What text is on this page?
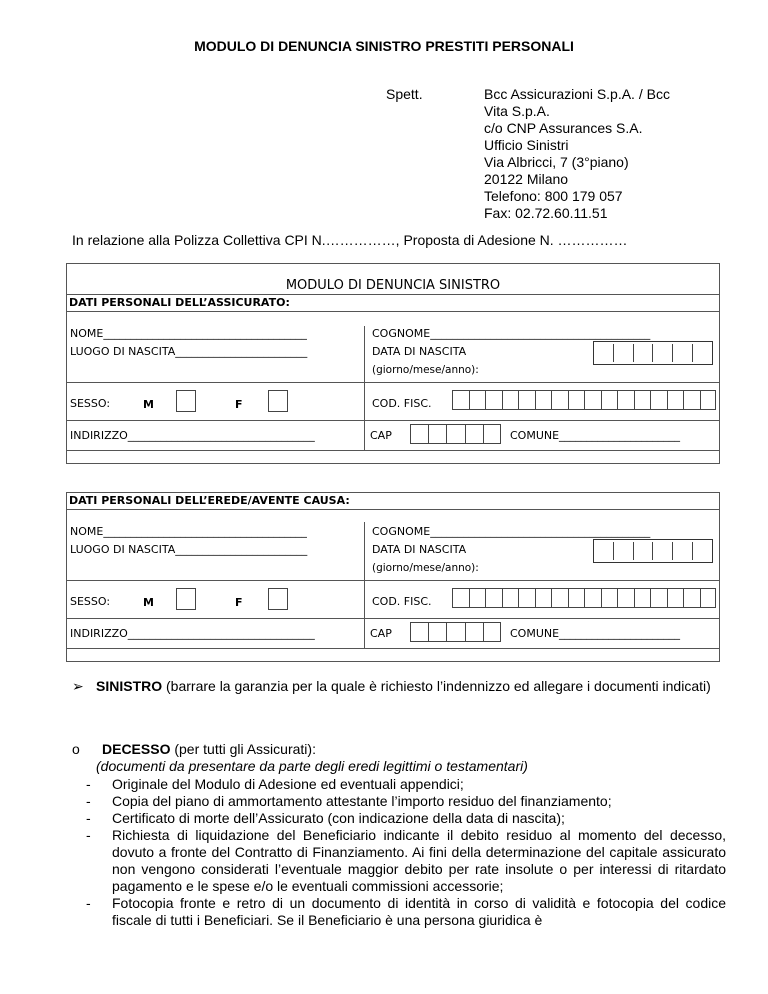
MODULO DI DENUNCIA SINISTRO PRESTITI PERSONALI
Spett.	Bcc Assicurazioni S.p.A. / Bcc
Vita S.p.A.
c/o CNP Assurances S.A.
Ufficio Sinistri
Via Albricci, 7 (3°piano)
20122 Milano
Telefono: 800 179 057
Fax: 02.72.60.11.51
In relazione alla Polizza Collettiva CPI N.……………, Proposta di Adesione N. ……………
MODULO DI DENUNCIA SINISTRO
DATI PERSONALI DELL’ASSICURATO:
NOME_____________________________________	COGNOME________________________________________
LUOGO DI NASCITA________________________	DATA DI NASCITA
(giorno/mese/anno):
SESSO:	M	F	COD. FISC.
INDIRIZZO__________________________________	CAP	COMUNE______________________
DATI PERSONALI DELL’EREDE/AVENTE CAUSA:
NOME_____________________________________	COGNOME________________________________________
LUOGO DI NASCITA________________________	DATA DI NASCITA
(giorno/mese/anno):
SESSO:	M	F	COD. FISC.
INDIRIZZO__________________________________	CAP	COMUNE______________________
➢ SINISTRO (barrare la garanzia per la quale è richiesto l’indennizzo ed allegare i documenti indicati)
o	DECESSO (per tutti gli Assicurati):
(documenti da presentare da parte degli eredi legittimi o testamentari)
- Originale del Modulo di Adesione ed eventuali appendici;
- Copia del piano di ammortamento attestante l’importo residuo del finanziamento;
- Certificato di morte dell’Assicurato (con indicazione della data di nascita);
- Richiesta di liquidazione del Beneficiario indicante il debito residuo al momento del decesso, dovuto a fronte del Contratto di Finanziamento. Ai fini della determinazione del capitale assicurato non vengono considerati l’eventuale maggior debito per rate insolute o per interessi di ritardato pagamento e le spese e/o le eventuali commissioni accessorie;
- Fotocopia fronte e retro di un documento di identità in corso di validità e fotocopia del codice fiscale di tutti i Beneficiari. Se il Beneficiario è una persona giuridica è
